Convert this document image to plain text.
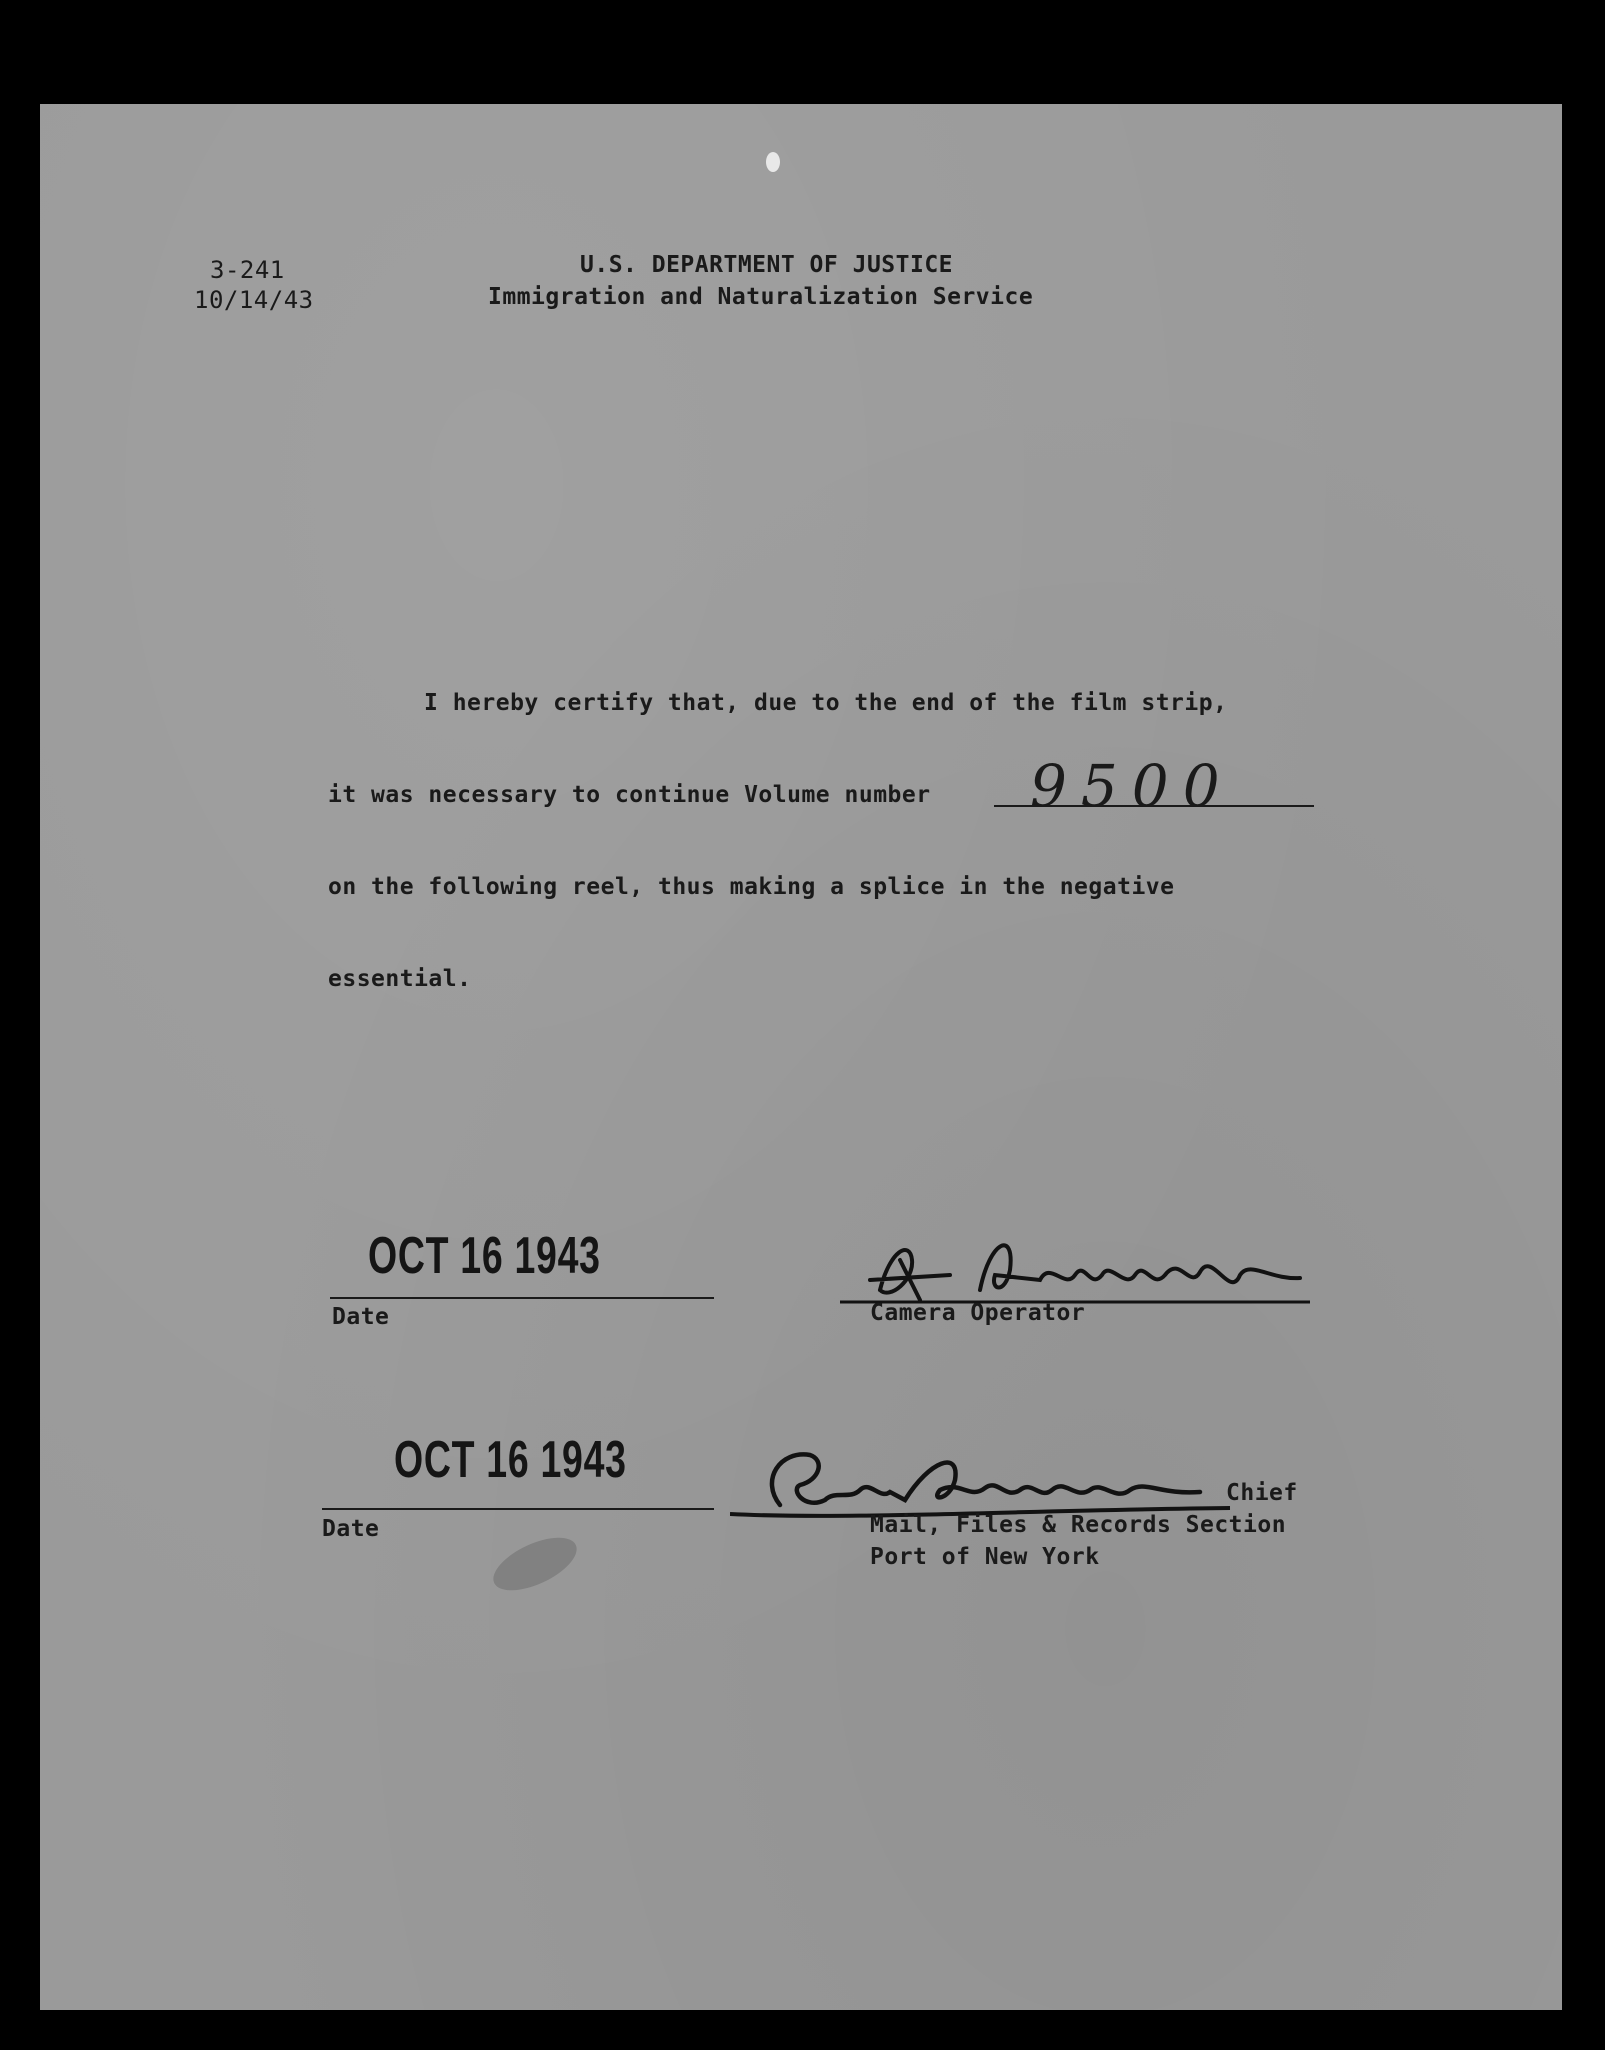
3-241
10/14/43
U.S. DEPARTMENT OF JUSTICE
Immigration and Naturalization Service
I hereby certify that, due to the end of the film strip,
it was necessary to continue Volume number 9500
on the following reel, thus making a splice in the negative
essential.
OCT 16 1943
Date	Camera Operator
OCT 16 1943
Date
Chief
Mail, Files & Records Section
Port of New York
